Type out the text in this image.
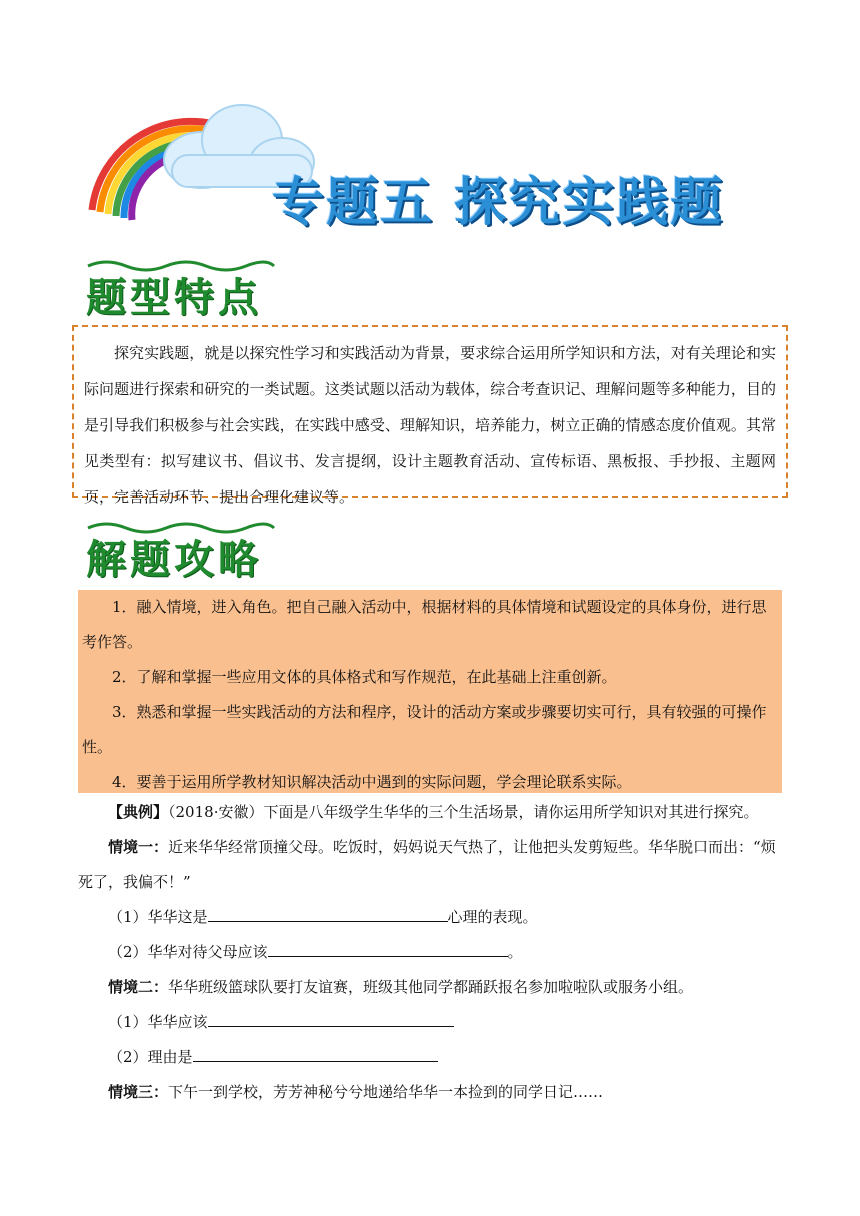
专题五 探究实践题
题型特点

探究实践题，就是以探究性学习和实践活动为背景，要求综合运用所学知识和方法，对有关理论和实际问题进行探索和研究的一类试题。这类试题以活动为载体，综合考查识记、理解问题等多种能力，目的是引导我们积极参与社会实践，在实践中感受、理解知识，培养能力，树立正确的情感态度价值观。其常见类型有：拟写建议书、倡议书、发言提纲，设计主题教育活动、宣传标语、黑板报、手抄报、主题网页，完善活动环节、提出合理化建议等。

解题攻略

1．融入情境，进入角色。把自己融入活动中，根据材料的具体情境和试题设定的具体身份，进行思考作答。

2．了解和掌握一些应用文体的具体格式和写作规范，在此基础上注重创新。

3．熟悉和掌握一些实践活动的方法和程序，设计的活动方案或步骤要切实可行，具有较强的可操作性。

4．要善于运用所学教材知识解决活动中遇到的实际问题，学会理论联系实际。

【典例】（2018·安徽）下面是八年级学生华华的三个生活场景，请你运用所学知识对其进行探究。

情境一：近来华华经常顶撞父母。吃饭时，妈妈说天气热了，让他把头发剪短些。华华脱口而出：“烦死了，我偏不！”

（1）华华这是	心理的表现。

（2）华华对待父母应该	。

情境二：华华班级篮球队要打友谊赛，班级其他同学都踊跃报名参加啦啦队或服务小组。

（1）华华应该

（2）理由是

情境三：下午一到学校，芳芳神秘兮兮地递给华华一本捡到的同学日记……
